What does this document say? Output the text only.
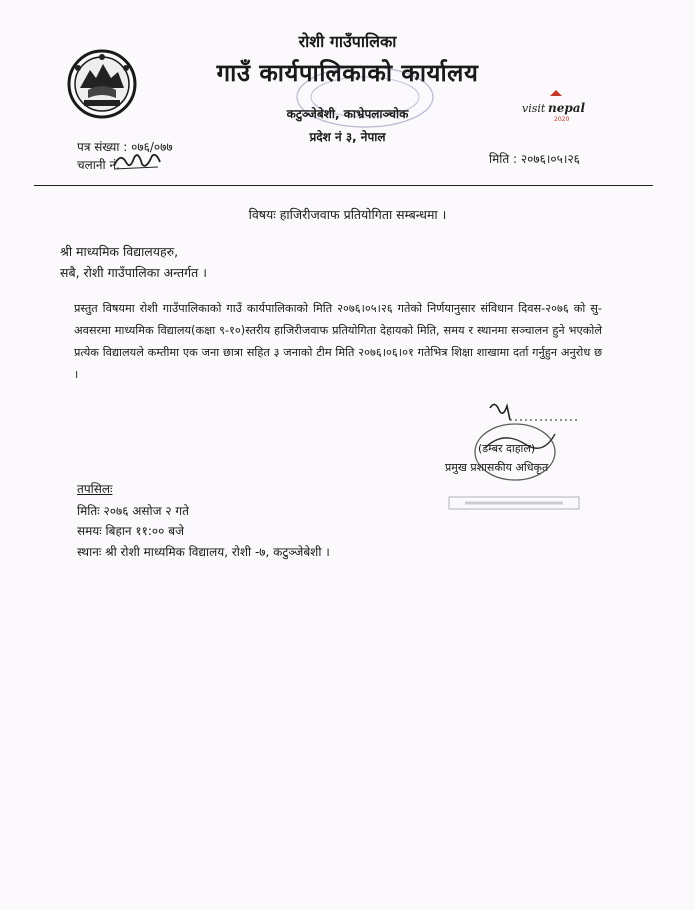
रोशी गाउँपालिका
गाउँ कार्यपालिकाको कार्यालय
कटुञ्जेबेशी, काभ्रेपलाञ्चोक
प्रदेश नं ३, नेपाल
visit nepal
2020
पत्र संख्या : ०७६/०७७
चलानी नं.	मिति : २०७६।०५।२६
विषयः हाजिरीजवाफ प्रतियोगिता सम्बन्धमा ।
श्री माध्यमिक विद्यालयहरु,
सबै, रोशी गाउँपालिका अन्तर्गत ।
प्रस्तुत विषयमा रोशी गाउँपालिकाको गाउँ कार्यपालिकाको मिति २०७६।०५।२६ गतेको निर्णयानुसार संविधान दिवस-२०७६ को सु-अवसरमा माध्यमिक विद्यालय(कक्षा ९-१०)स्तरीय हाजिरीजवाफ प्रतियोगिता देहायको मिति, समय र स्थानमा सञ्चालन हुने भएकोले प्रत्येक विद्यालयले कम्तीमा एक जना छात्रा सहित ३ जनाको टीम मिति २०७६।०६।०१ गतेभित्र शिक्षा शाखामा दर्ता गर्नुहुन अनुरोध छ ।
(डम्बर दाहाल)
प्रमुख प्रशासकीय अधिकृत
तपसिलः
मितिः २०७६ असोज २ गते
समयः बिहान ११:०० बजे
स्थानः श्री रोशी माध्यमिक विद्यालय, रोशी -७, कटुञ्जेबेशी ।
